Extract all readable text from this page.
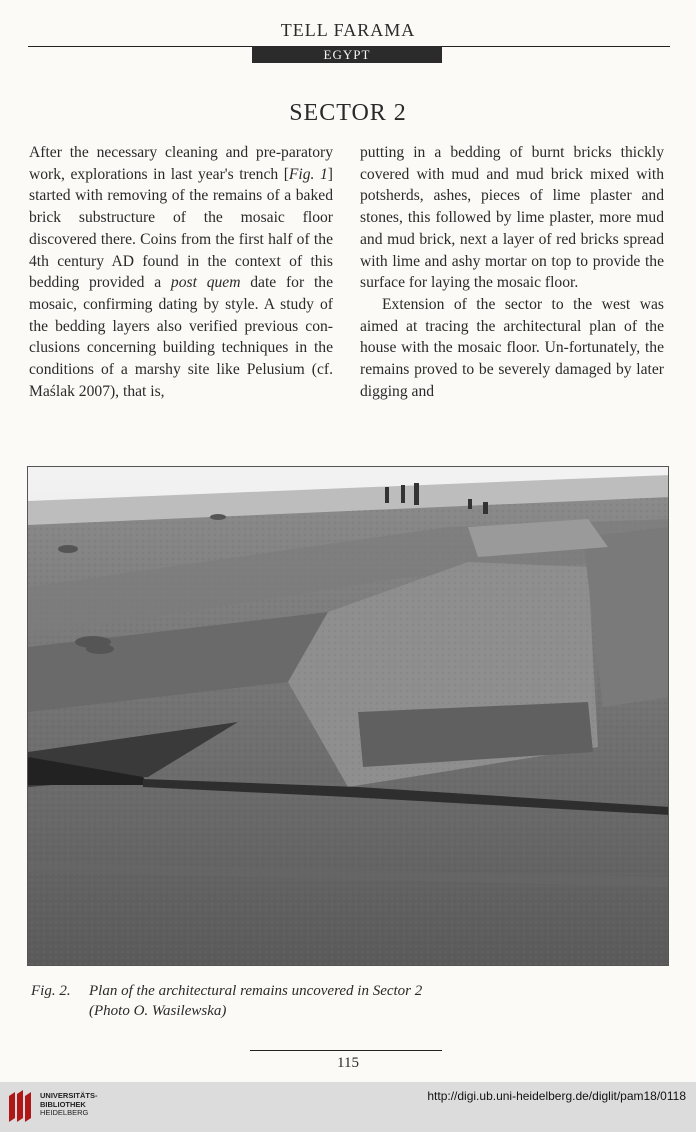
TELL FARAMA
EGYPT
SECTOR 2

After the necessary cleaning and pre-paratory work, explorations in last year's trench [Fig. 1] started with removing of the remains of a baked brick substructure of the mosaic floor discovered there. Coins from the first half of the 4th century AD found in the context of this bedding provided a post quem date for the mosaic, confirming dating by style. A study of the bedding layers also verified previous con-clusions concerning building techniques in the conditions of a marshy site like Pelusium (cf. Maślak 2007), that is,

putting in a bedding of burnt bricks thickly covered with mud and mud brick mixed with potsherds, ashes, pieces of lime plaster and stones, this followed by lime plaster, more mud and mud brick, next a layer of red bricks spread with lime and ashy mortar on top to provide the surface for laying the mosaic floor.

Extension of the sector to the west was aimed at tracing the architectural plan of the house with the mosaic floor. Un-fortunately, the remains proved to be severely damaged by later digging and

Fig. 2. Plan of the architectural remains uncovered in Sector 2
(Photo O. Wasilewska)
115
UNIVERSITÄTS-
BIBLIOTHEK
HEIDELBERG
http://digi.ub.uni-heidelberg.de/diglit/pam18/0118
